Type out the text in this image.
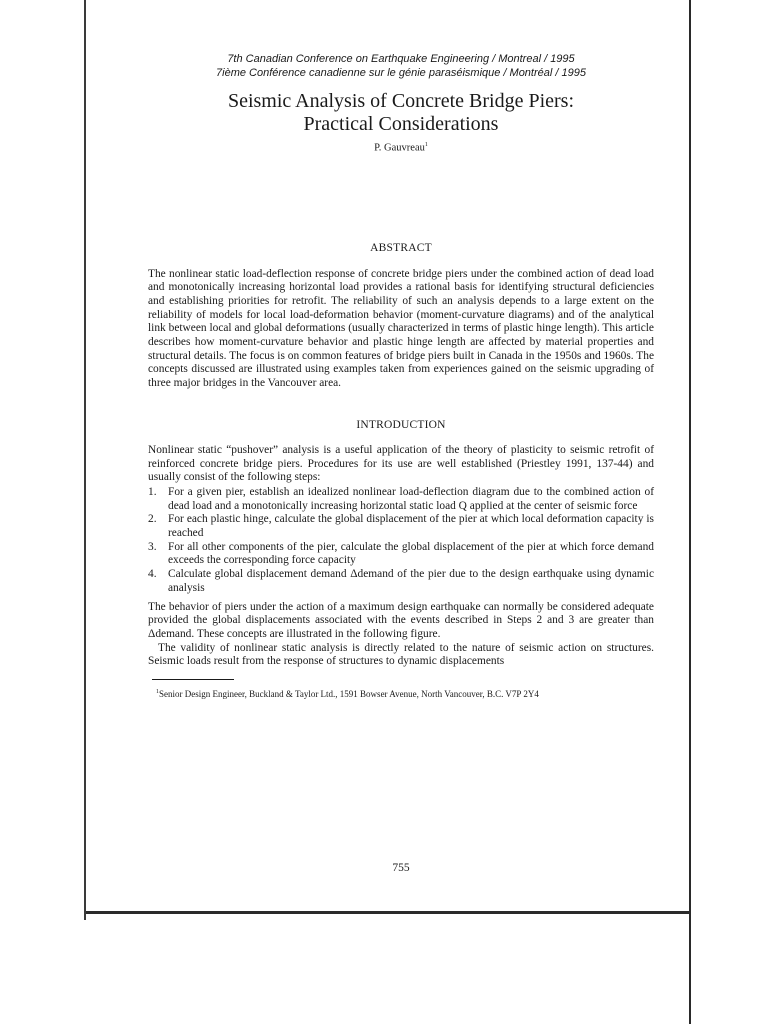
7th Canadian Conference on Earthquake Engineering / Montreal / 1995

7ième Conférence canadienne sur le génie paraséismique / Montréal / 1995

Seismic Analysis of Concrete Bridge Piers:
Practical Considerations

P. Gauvreau$^1$

ABSTRACT

The nonlinear static load-deflection response of concrete bridge piers under the combined action of dead load and monotonically increasing horizontal load provides a rational basis for identifying structural deficiencies and establishing priorities for retrofit. The reliability of such an analysis depends to a large extent on the reliability of models for local load-deformation behavior (moment-curvature diagrams) and of the analytical link between local and global deformations (usually characterized in terms of plastic hinge length). This article describes how moment-curvature behavior and plastic hinge length are affected by material properties and structural details. The focus is on common features of bridge piers built in Canada in the 1950s and 1960s. The concepts discussed are illustrated using examples taken from experiences gained on the seismic upgrading of three major bridges in the Vancouver area.

INTRODUCTION

Nonlinear static “pushover” analysis is a useful application of the theory of plasticity to seismic retrofit of reinforced concrete bridge piers. Procedures for its use are well established (Priestley 1991, 137-44) and usually consist of the following steps:

1. For a given pier, establish an idealized nonlinear load-deflection diagram due to the combined action of dead load and a monotonically increasing horizontal static load Q applied at the center of seismic force
2. For each plastic hinge, calculate the global displacement of the pier at which local deformation capacity is reached
3. For all other components of the pier, calculate the global displacement of the pier at which force demand exceeds the corresponding force capacity
4. Calculate global displacement demand Δdemand of the pier due to the design earthquake using dynamic analysis

The behavior of piers under the action of a maximum design earthquake can normally be considered adequate provided the global displacements associated with the events described in Steps 2 and 3 are greater than Δdemand. These concepts are illustrated in the following figure.

The validity of nonlinear static analysis is directly related to the nature of seismic action on structures. Seismic loads result from the response of structures to dynamic displacements

$^1$Senior Design Engineer, Buckland & Taylor Ltd., 1591 Bowser Avenue, North Vancouver, B.C. V7P 2Y4

755
